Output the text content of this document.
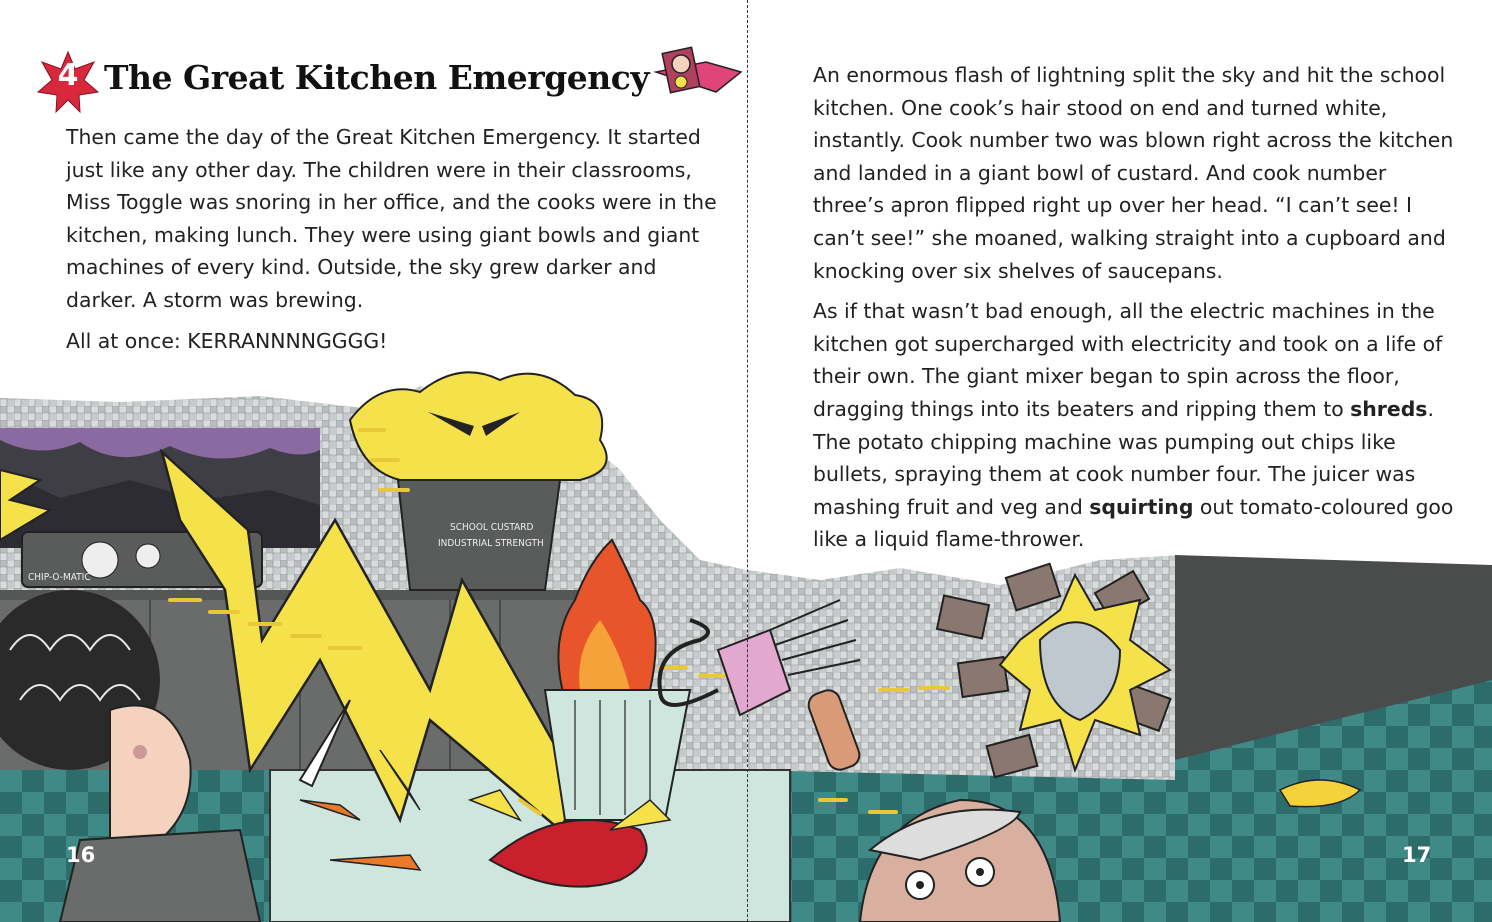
SCHOOL CUSTARD
INDUSTRIAL STRENGTH
CHIP-O-MATIC
4 The Great Kitchen Emergency

Then came the day of the Great Kitchen Emergency. It started just like any other day. The children were in their classrooms, Miss Toggle was snoring in her office, and the cooks were in the kitchen, making lunch. They were using giant bowls and giant machines of every kind. Outside, the sky grew darker and darker. A storm was brewing.

All at once: KERRANNNNGGGG!

An enormous flash of lightning split the sky and hit the school kitchen. One cook’s hair stood on end and turned white, instantly. Cook number two was blown right across the kitchen and landed in a giant bowl of custard. And cook number three’s apron flipped right up over her head. “I can’t see! I can’t see!” she moaned, walking straight into a cupboard and knocking over six shelves of saucepans.

As if that wasn’t bad enough, all the electric machines in the kitchen got supercharged with electricity and took on a life of their own. The giant mixer began to spin across the floor, dragging things into its beaters and ripping them to shreds. The potato chipping machine was pumping out chips like bullets, spraying them at cook number four. The juicer was mashing fruit and veg and squirting out tomato-coloured goo like a liquid flame-thrower.

16	17
